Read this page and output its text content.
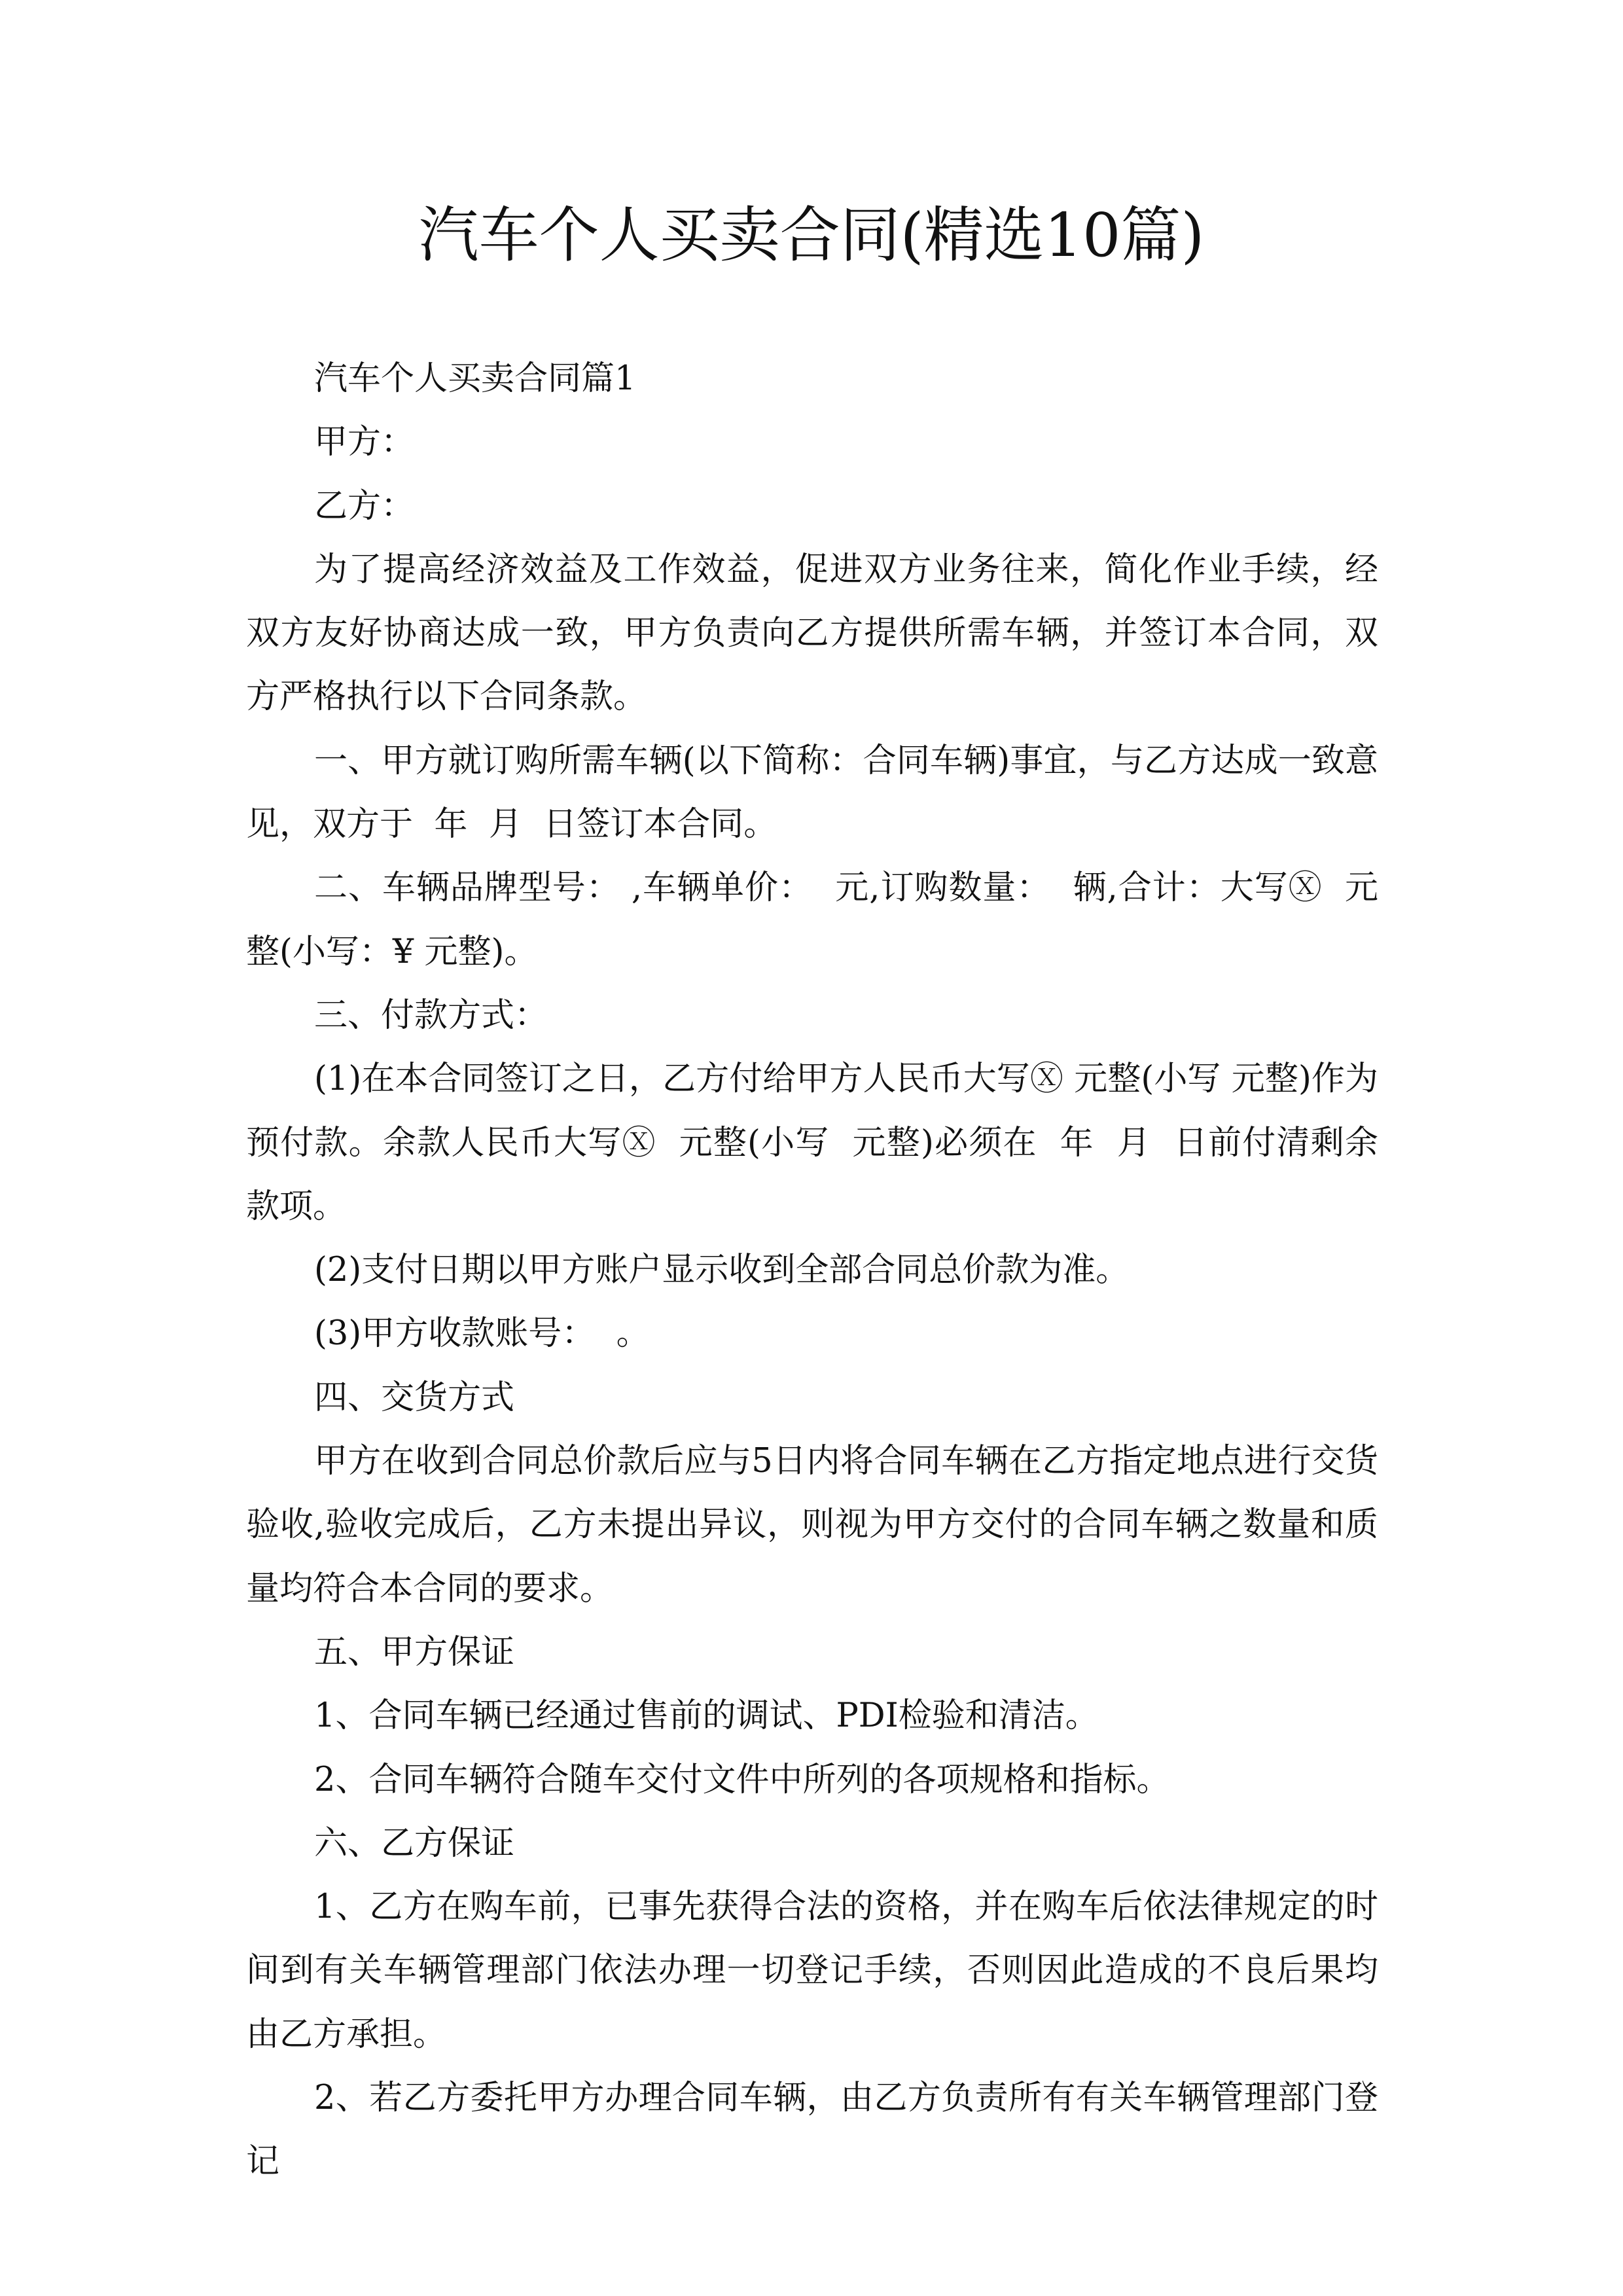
汽车个人买卖合同(精选10篇)

汽车个人买卖合同篇1

甲方：

乙方：

为了提高经济效益及工作效益，促进双方业务往来，简化作业手续，经双方友好协商达成一致，甲方负责向乙方提供所需车辆，并签订本合同，双方严格执行以下合同条款。

一、甲方就订购所需车辆(以下简称：合同车辆)事宜，与乙方达成一致意见，双方于  年  月  日签订本合同。

二、车辆品牌型号： ,车辆单价：  元,订购数量：  辆,合计：大写Ⓧ  元整(小写：¥ 元整)。

三、付款方式：

(1)在本合同签订之日，乙方付给甲方人民币大写Ⓧ 元整(小写 元整)作为预付款。余款人民币大写Ⓧ  元整(小写  元整)必须在  年  月  日前付清剩余款项。

(2)支付日期以甲方账户显示收到全部合同总价款为准。

(3)甲方收款账号：  。

四、交货方式

甲方在收到合同总价款后应与5日内将合同车辆在乙方指定地点进行交货验收,验收完成后，乙方未提出异议，则视为甲方交付的合同车辆之数量和质量均符合本合同的要求。

五、甲方保证

1、合同车辆已经通过售前的调试、PDI检验和清洁。

2、合同车辆符合随车交付文件中所列的各项规格和指标。

六、乙方保证

1、乙方在购车前，已事先获得合法的资格，并在购车后依法律规定的时间到有关车辆管理部门依法办理一切登记手续，否则因此造成的不良后果均由乙方承担。

2、若乙方委托甲方办理合同车辆，由乙方负责所有有关车辆管理部门登记
